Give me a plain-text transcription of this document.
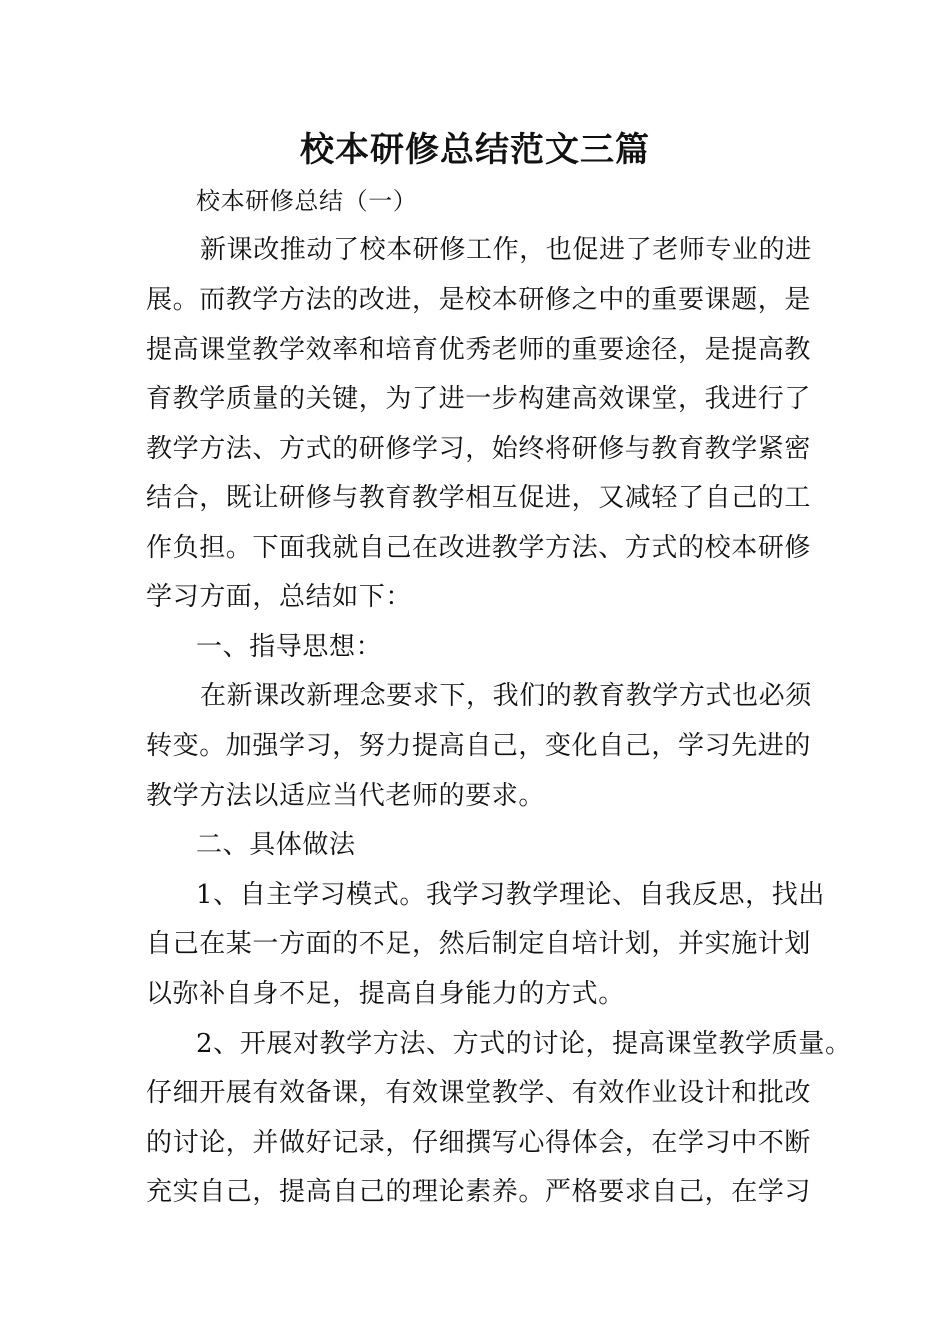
校本研修总结范文三篇
校本研修总结（一）
新课改推动了校本研修工作，也促进了老师专业的进
展。而教学方法的改进，是校本研修之中的重要课题，是
提高课堂教学效率和培育优秀老师的重要途径，是提高教
育教学质量的关键，为了进一步构建高效课堂，我进行了
教学方法、方式的研修学习，始终将研修与教育教学紧密
结合，既让研修与教育教学相互促进，又减轻了自己的工
作负担。下面我就自己在改进教学方法、方式的校本研修
学习方面，总结如下：
一、指导思想：
在新课改新理念要求下，我们的教育教学方式也必须
转变。加强学习，努力提高自己，变化自己，学习先进的
教学方法以适应当代老师的要求。
二、具体做法
1、自主学习模式。我学习教学理论、自我反思，找出
自己在某一方面的不足，然后制定自培计划，并实施计划
以弥补自身不足，提高自身能力的方式。
2、开展对教学方法、方式的讨论，提高课堂教学质量。
仔细开展有效备课，有效课堂教学、有效作业设计和批改
的讨论，并做好记录，仔细撰写心得体会，在学习中不断
充实自己，提高自己的理论素养。严格要求自己，在学习
